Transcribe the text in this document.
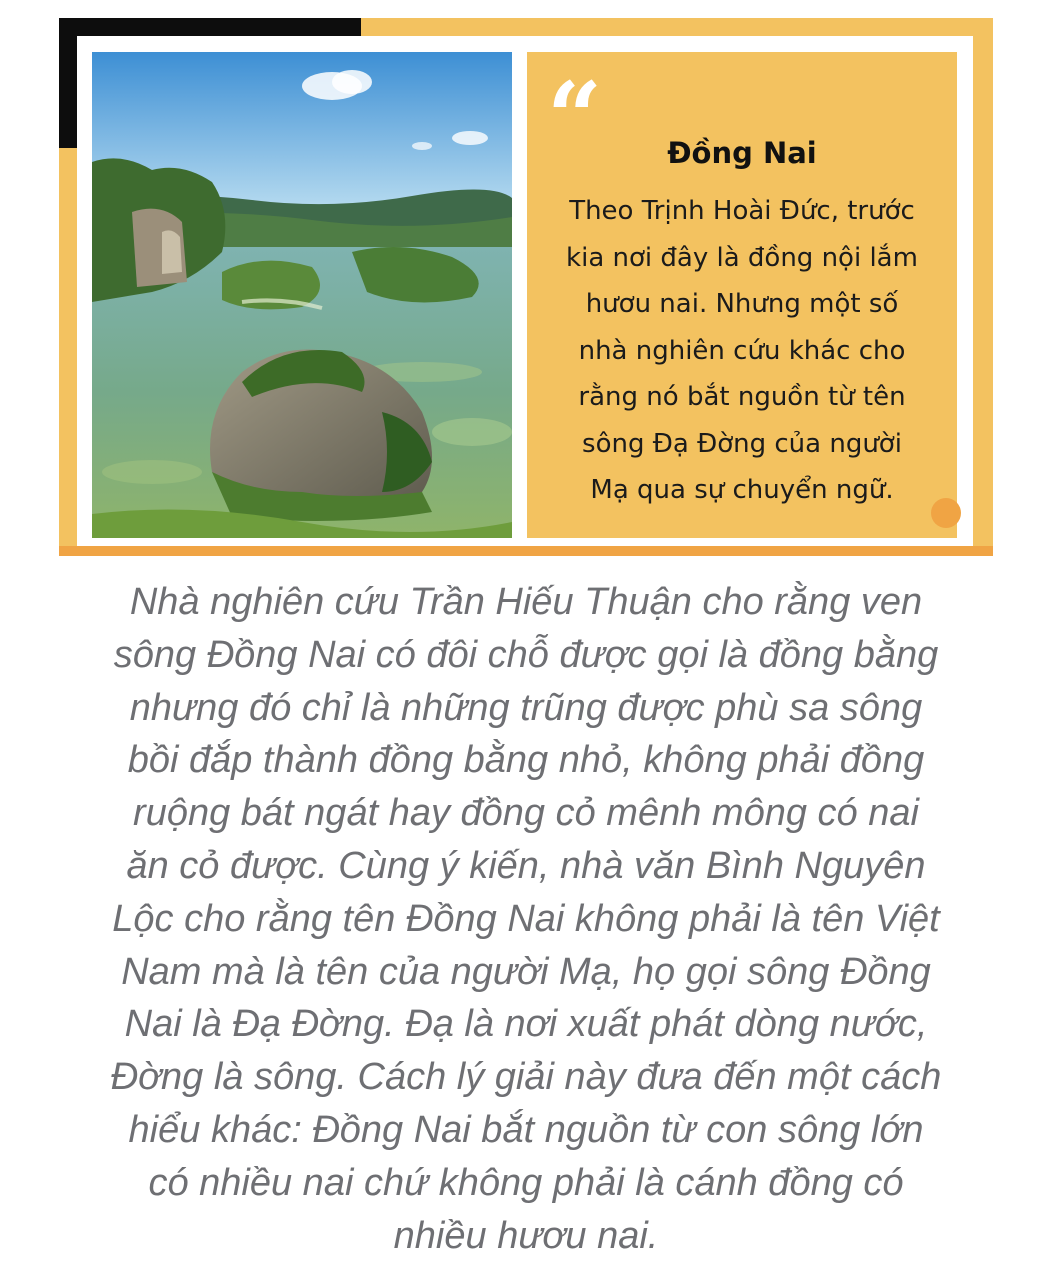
“	Đồng Nai
Theo Trịnh Hoài Đức, trước
kia nơi đây là đồng nội lắm
hươu nai. Nhưng một số
nhà nghiên cứu khác cho
rằng nó bắt nguồn từ tên
sông Đạ Đờng của người
Mạ qua sự chuyển ngữ.
Nhà nghiên cứu Trần Hiếu Thuận cho rằng ven
sông Đồng Nai có đôi chỗ được gọi là đồng bằng
nhưng đó chỉ là những trũng được phù sa sông
bồi đắp thành đồng bằng nhỏ, không phải đồng
ruộng bát ngát hay đồng cỏ mênh mông có nai
ăn cỏ được. Cùng ý kiến, nhà văn Bình Nguyên
Lộc cho rằng tên Đồng Nai không phải là tên Việt
Nam mà là tên của người Mạ, họ gọi sông Đồng
Nai là Đạ Đờng. Đạ là nơi xuất phát dòng nước,
Đờng là sông. Cách lý giải này đưa đến một cách
hiểu khác: Đồng Nai bắt nguồn từ con sông lớn
có nhiều nai chứ không phải là cánh đồng có
nhiều hươu nai.
